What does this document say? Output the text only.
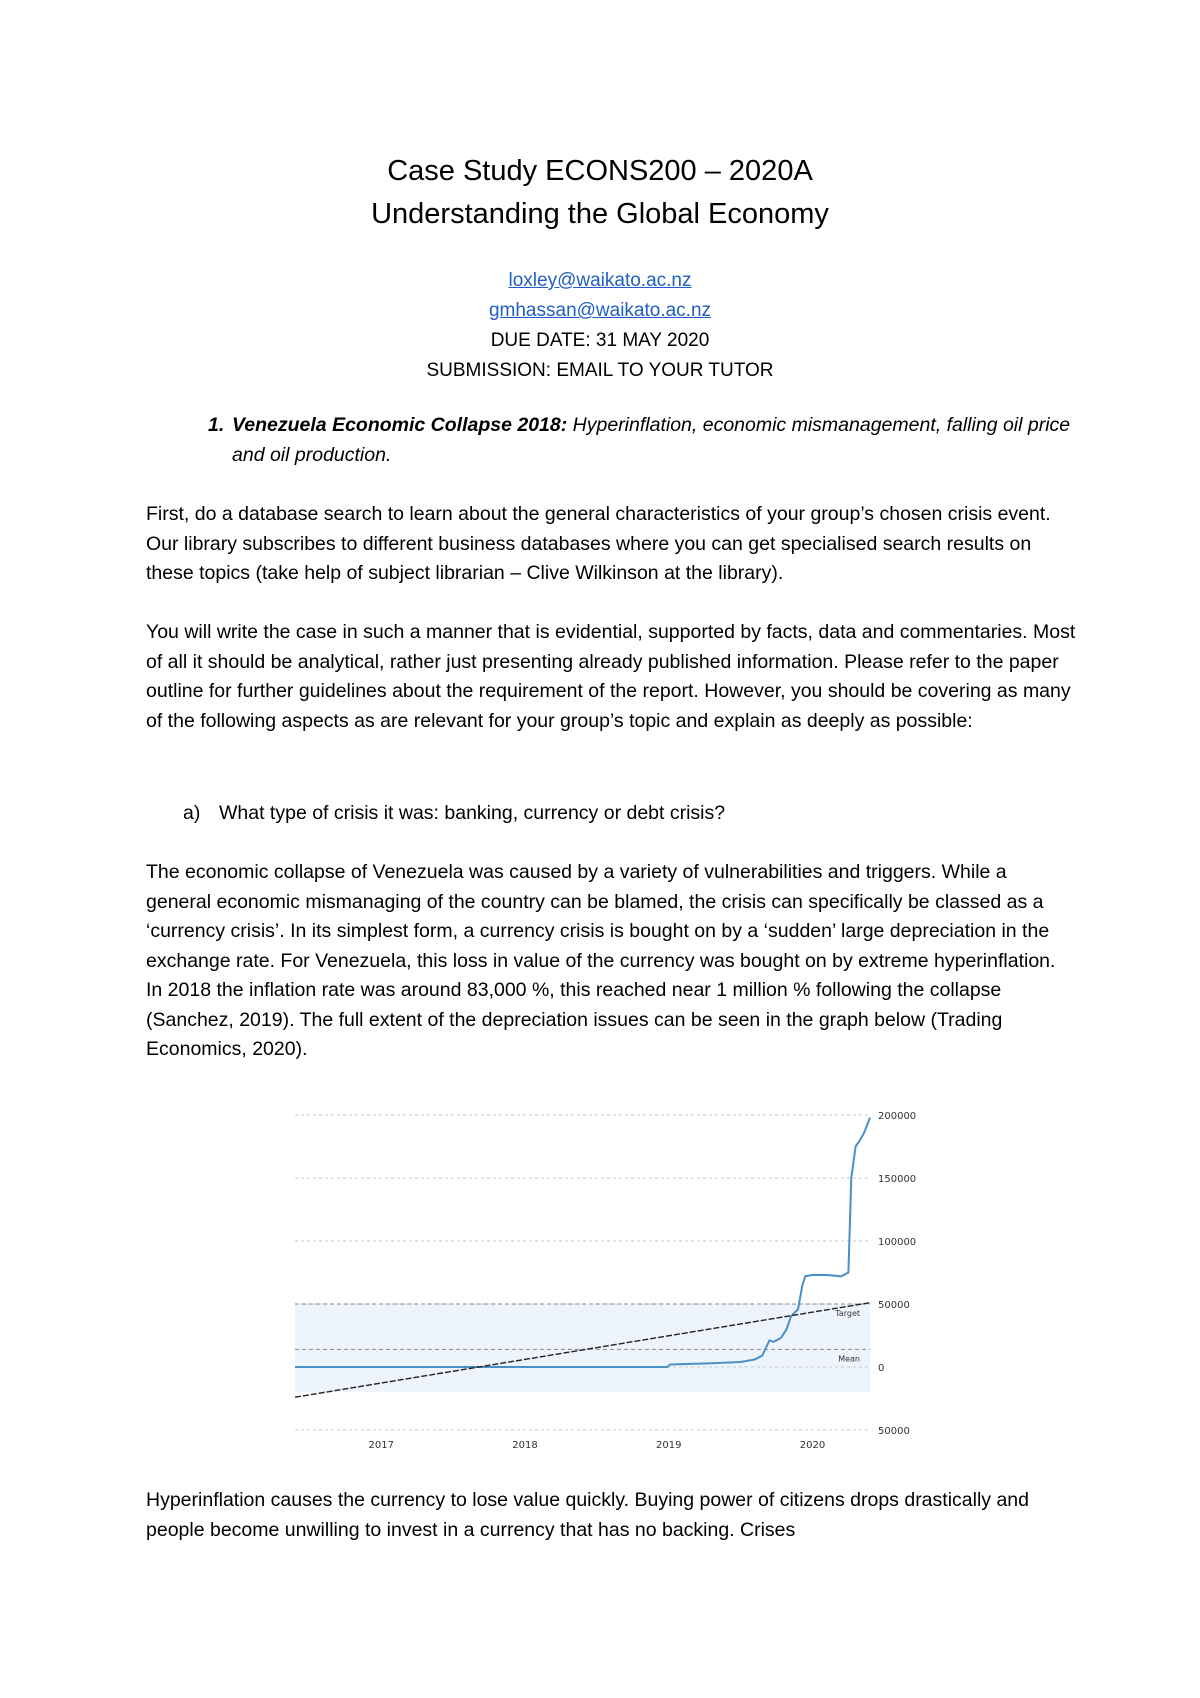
Case Study ECONS200 – 2020A
Understanding the Global Economy
loxley@waikato.ac.nz
gmhassan@waikato.ac.nz
DUE DATE: 31 MAY 2020
SUBMISSION: EMAIL TO YOUR TUTOR
1. Venezuela Economic Collapse 2018: Hyperinflation, economic mismanagement, falling oil price and oil production.
First, do a database search to learn about the general characteristics of your group’s chosen crisis event. Our library subscribes to different business databases where you can get specialised search results on these topics (take help of subject librarian – Clive Wilkinson at the library).
You will write the case in such a manner that is evidential, supported by facts, data and commentaries. Most of all it should be analytical, rather just presenting already published information. Please refer to the paper outline for further guidelines about the requirement of the report. However, you should be covering as many of the following aspects as are relevant for your group’s topic and explain as deeply as possible:
a) What type of crisis it was: banking, currency or debt crisis?
The economic collapse of Venezuela was caused by a variety of vulnerabilities and triggers. While a general economic mismanaging of the country can be blamed, the crisis can specifically be classed as a ‘currency crisis’. In its simplest form, a currency crisis is bought on by a ‘sudden’ large depreciation in the exchange rate. For Venezuela, this loss in value of the currency was bought on by extreme hyperinflation. In 2018 the inflation rate was around 83,000 %, this reached near 1 million % following the collapse (Sanchez, 2019). The full extent of the depreciation issues can be seen in the graph below (Trading Economics, 2020).
200000
150000
100000
50000
0
50000
2017	2018	2019	2020
Target
Mean
Hyperinflation causes the currency to lose value quickly. Buying power of citizens drops drastically and people become unwilling to invest in a currency that has no backing. Crises
